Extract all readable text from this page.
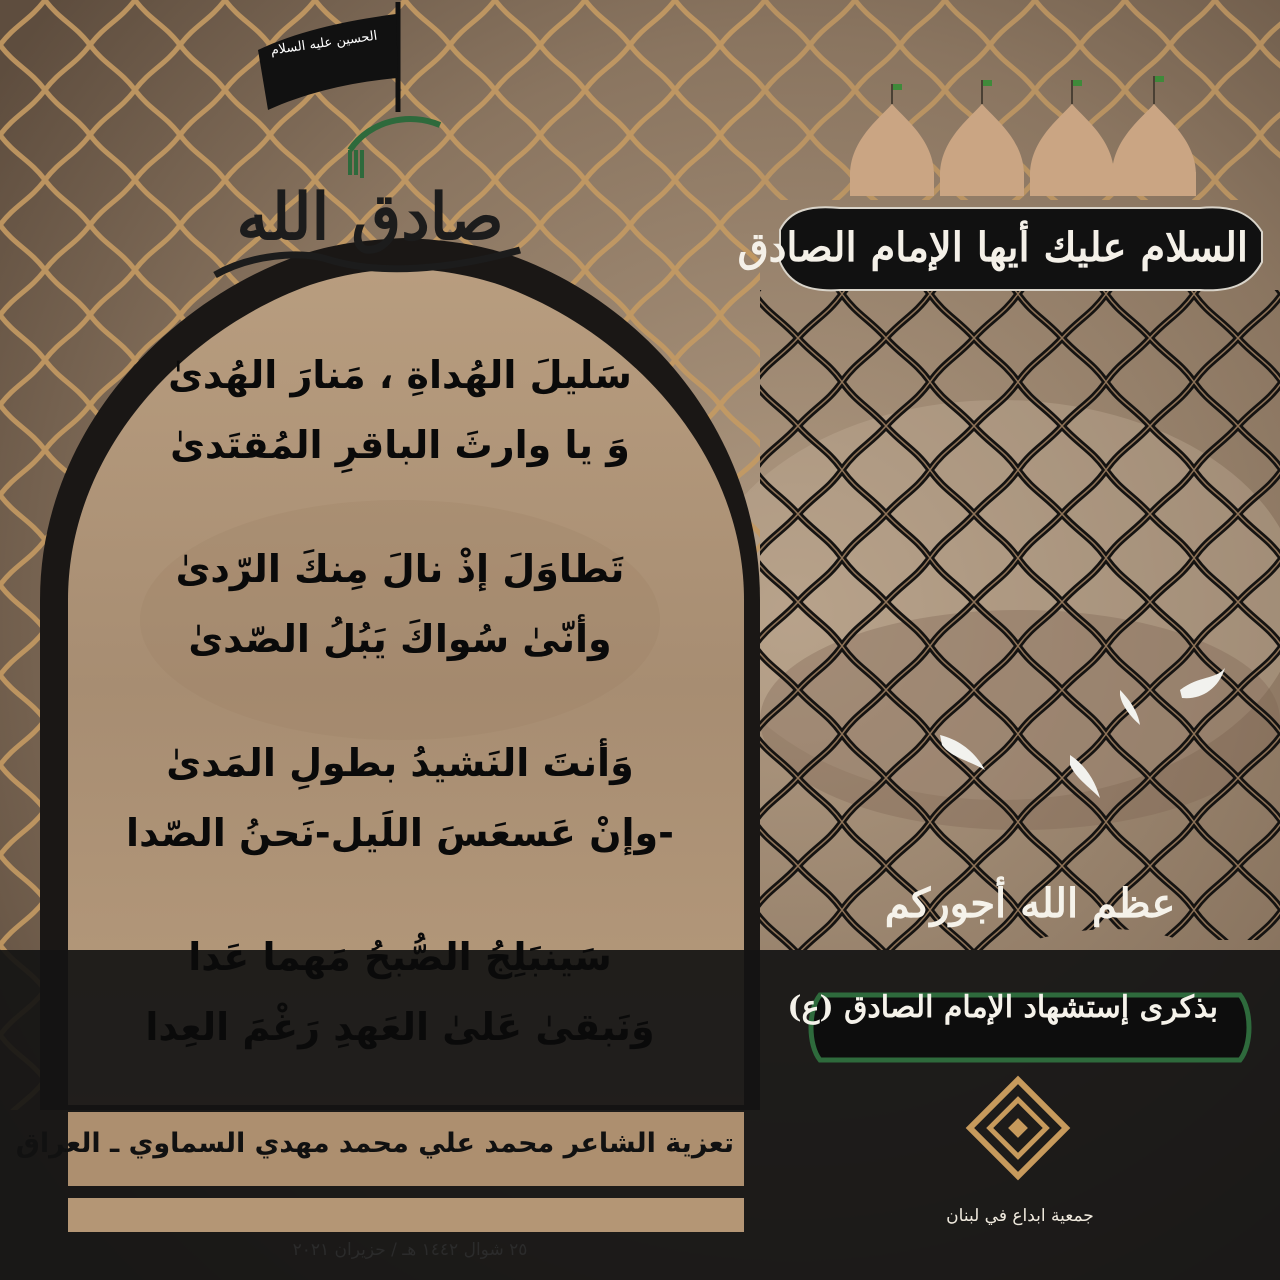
الحسين عليه السلام
صادق الله	السلام عليك أيها الإمام الصادق
سَليلَ الهُداةِ ، مَنارَ الهُدىٰ
وَ يا وارثَ الباقرِ المُقتَدىٰ
تَطاوَلَ إذْ نالَ مِنكَ الرّدىٰ
وأنّىٰ سُواكَ يَبُلُ الصّدىٰ
وَأنتَ النَشيدُ بطولِ المَدىٰ
-وإنْ عَسعَسَ اللَيل-نَحنُ الصّدا
سَينبَلِجُ الصُّبحُ مَهما عَدا
وَنَبقىٰ عَلىٰ العَهدِ رَغْمَ العِدا
تعزية الشاعر محمد علي محمد مهدي السماوي ـ العراق
٢٥ شوال ١٤٤٢ هـ / حزيران ٢٠٢١
عظم الله أجوركم
بذكرى إستشهاد الإمام الصادق (ع)
جمعية ابداع في لبنان
